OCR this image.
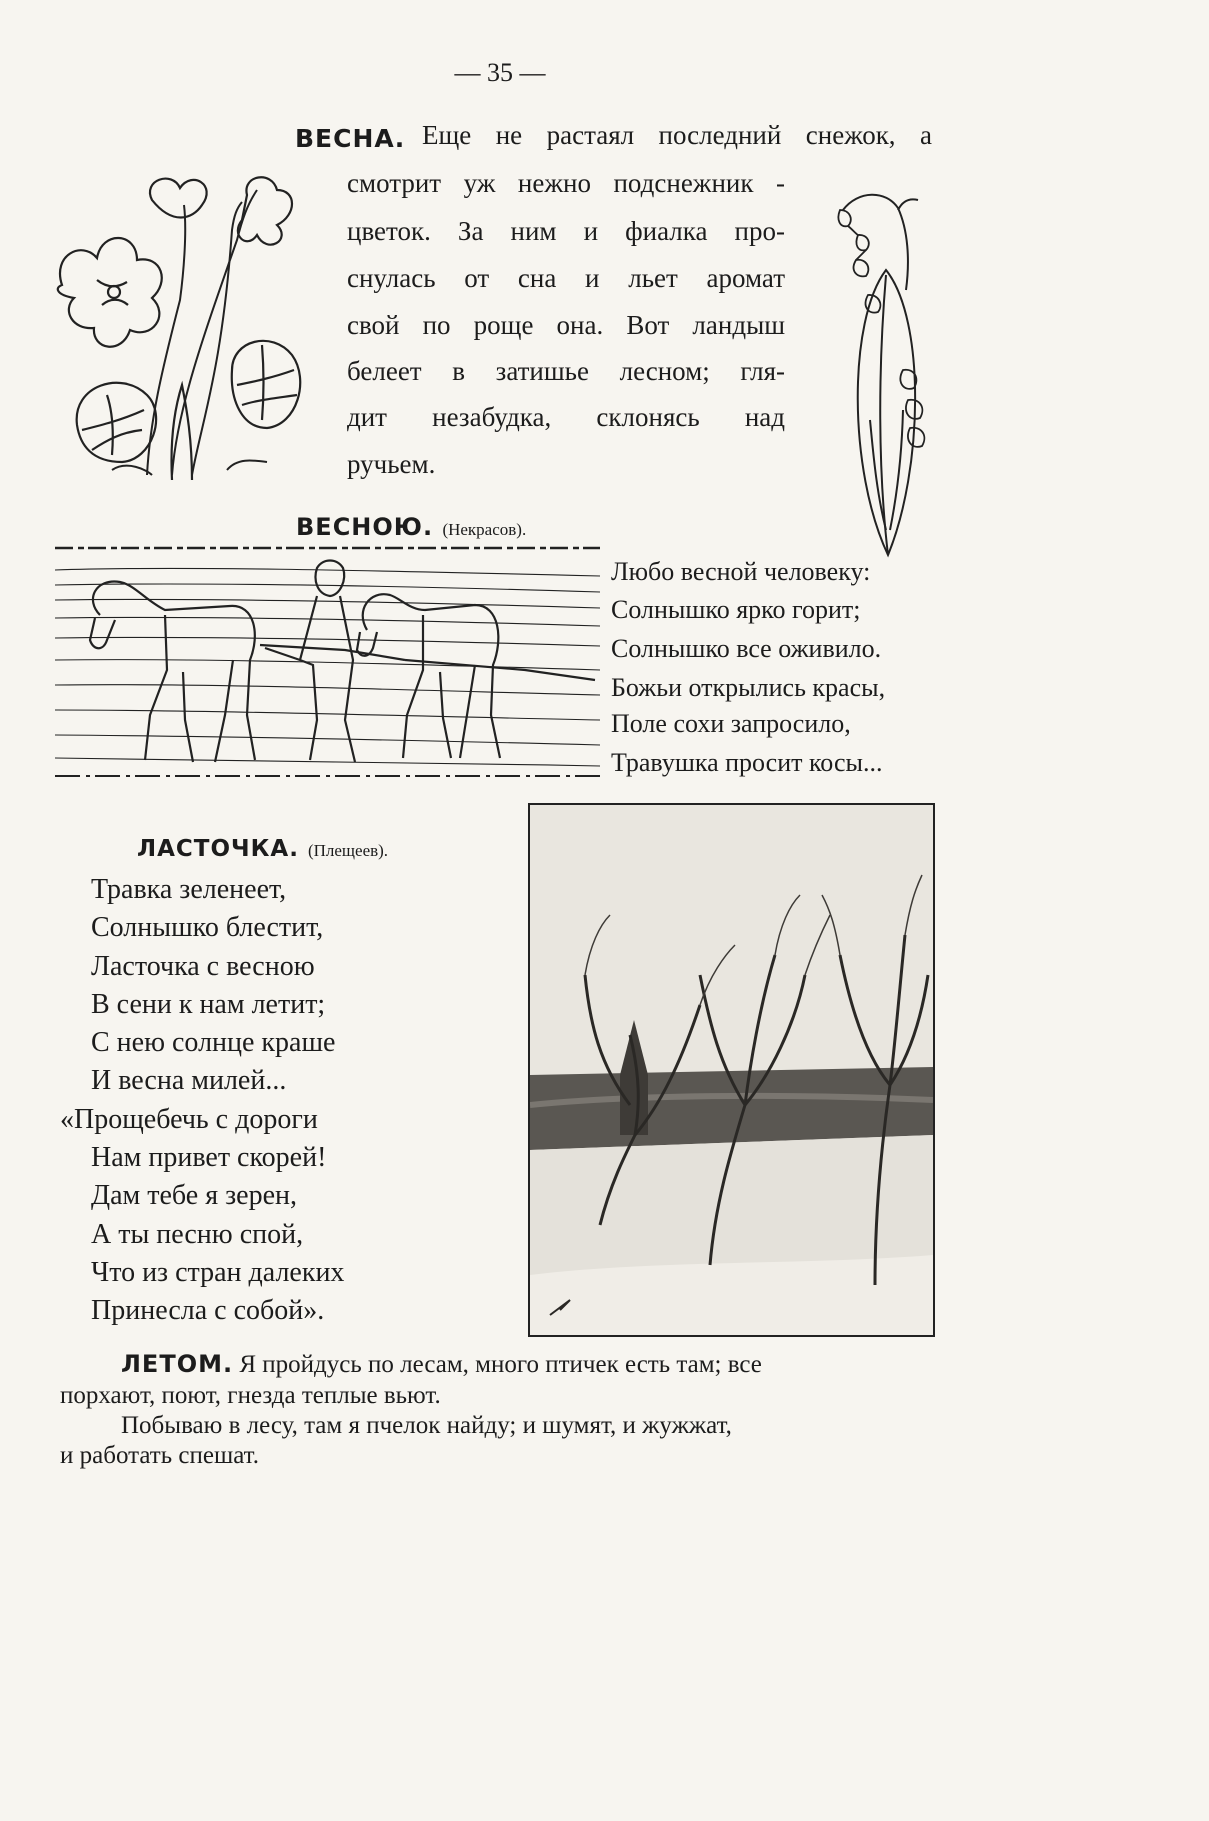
— 35 —
ВЕСНА. Еще не растаял последний снежок, а
смотрит уж нежно подснежник -
цветок. За ним и фиалка про-
снулась от сна и льет аромат
свой по роще она. Вот ландыш
белеет в затишье лесном; гля-
дит незабудка, склонясь над
ручьем.
ВЕСНОЮ. (Некрасов).
Любо весной человеку:
Солнышко ярко горит;
Солнышко все оживило.
Божьи открылись красы,
Поле сохи запросило,
Травушка просит косы...
ЛАСТОЧКА. (Плещеев).
Травка зеленеет,
Солнышко блестит,
Ласточка с весною
В сени к нам летит;
С нею солнце краше
И весна милей...
«Прощебечь с дороги
Нам привет скорей!
Дам тебе я зерен,
А ты песню спой,
Что из стран далеких
Принесла с собой».
ЛЕТОМ. Я пройдусь по лесам, много птичек есть там; все
порхают, поют, гнезда теплые вьют.
Побываю в лесу, там я пчелок найду; и шумят, и жужжат,
и работать спешат.
